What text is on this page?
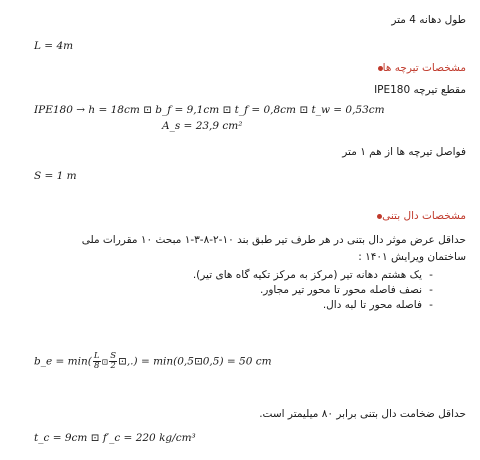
طول دهانه 4 متر
L = 4m
مشخصات تیرچه ها
مقطع تیرچه IPE180
IPE180 → h = 18cm ⊡ b_f = 9,1cm ⊡ t_f = 0,8cm ⊡ t_w = 0,53cm
A_s = 23,9 cm²
فواصل تیرچه ها از هم ۱ متر
S = 1 m
مشخصات دال بتنی
حداقل عرض موثر دال بتنی در هر طرف تیر طبق بند ۱۰-۲-۸-۳-۱ مبحث ۱۰ مقررات ملی
ساختمان ویرایش ۱۴۰۱ :
-یک هشتم دهانه تیر (مرکز به مرکز تکیه گاه های تیر).
-نصف فاصله محور تا محور تیر مجاور.
-فاصله محور تا لبه دال.
b_e = $\min( \frac{L}{8}$ ⊡ $\frac{S}{2}$ ⊡,.) = min(0,5⊡0,5) = 50 cm
حداقل ضخامت دال بتنی برابر ۸۰ میلیمتر است.
t_c = 9cm ⊡ f′_c = 220 kg/cm³
